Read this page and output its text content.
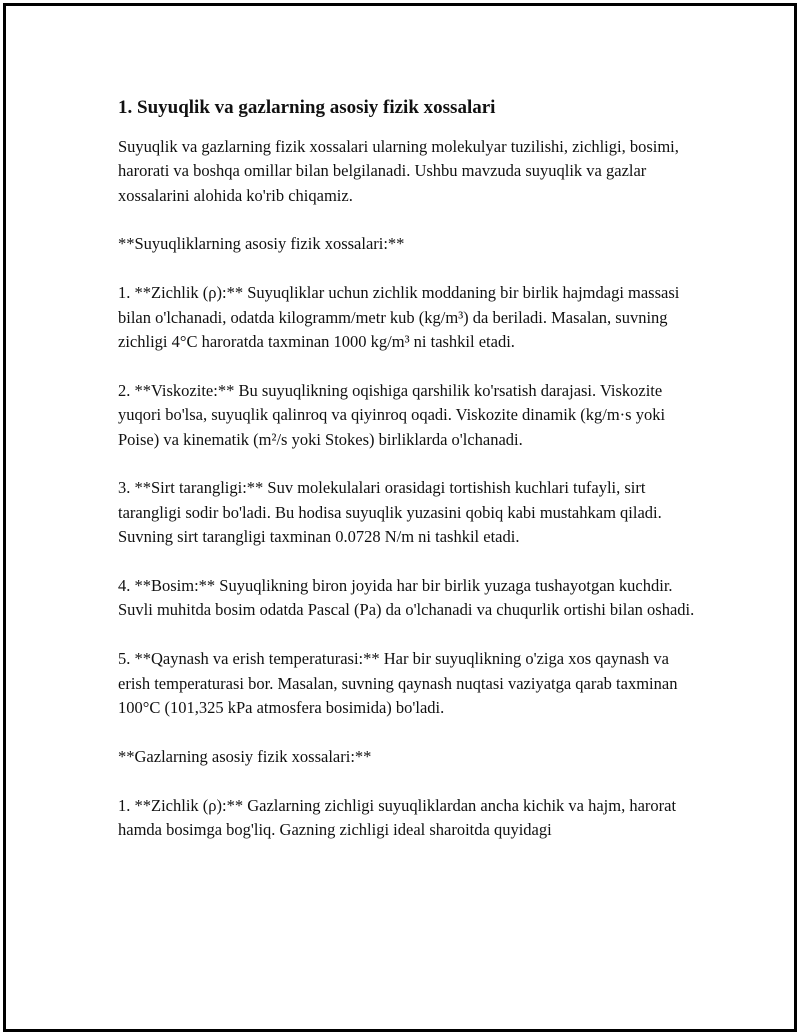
1. Suyuqlik va gazlarning asosiy fizik xossalari

Suyuqlik va gazlarning fizik xossalari ularning molekulyar tuzilishi, zichligi, bosimi, harorati va boshqa omillar bilan belgilanadi. Ushbu mavzuda suyuqlik va gazlar xossalarini alohida ko'rib chiqamiz.

**Suyuqliklarning asosiy fizik xossalari:**

1. **Zichlik (ρ):** Suyuqliklar uchun zichlik moddaning bir birlik hajmdagi massasi bilan o'lchanadi, odatda kilogramm/metr kub (kg/m³) da beriladi. Masalan, suvning zichligi 4°C haroratda taxminan 1000 kg/m³ ni tashkil etadi.

2. **Viskozite:** Bu suyuqlikning oqishiga qarshilik ko'rsatish darajasi. Viskozite yuqori bo'lsa, suyuqlik qalinroq va qiyinroq oqadi. Viskozite dinamik (kg/m·s yoki Poise) va kinematik (m²/s yoki Stokes) birliklarda o'lchanadi.

3. **Sirt tarangligi:** Suv molekulalari orasidagi tortishish kuchlari tufayli, sirt tarangligi sodir bo'ladi. Bu hodisa suyuqlik yuzasini qobiq kabi mustahkam qiladi. Suvning sirt tarangligi taxminan 0.0728 N/m ni tashkil etadi.

4. **Bosim:** Suyuqlikning biron joyida har bir birlik yuzaga tushayotgan kuchdir. Suvli muhitda bosim odatda Pascal (Pa) da o'lchanadi va chuqurlik ortishi bilan oshadi.

5. **Qaynash va erish temperaturasi:** Har bir suyuqlikning o'ziga xos qaynash va erish temperaturasi bor. Masalan, suvning qaynash nuqtasi vaziyatga qarab taxminan 100°C (101,325 kPa atmosfera bosimida) bo'ladi.

**Gazlarning asosiy fizik xossalari:**

1. **Zichlik (ρ):** Gazlarning zichligi suyuqliklardan ancha kichik va hajm, harorat hamda bosimga bog'liq. Gazning zichligi ideal sharoitda quyidagi
